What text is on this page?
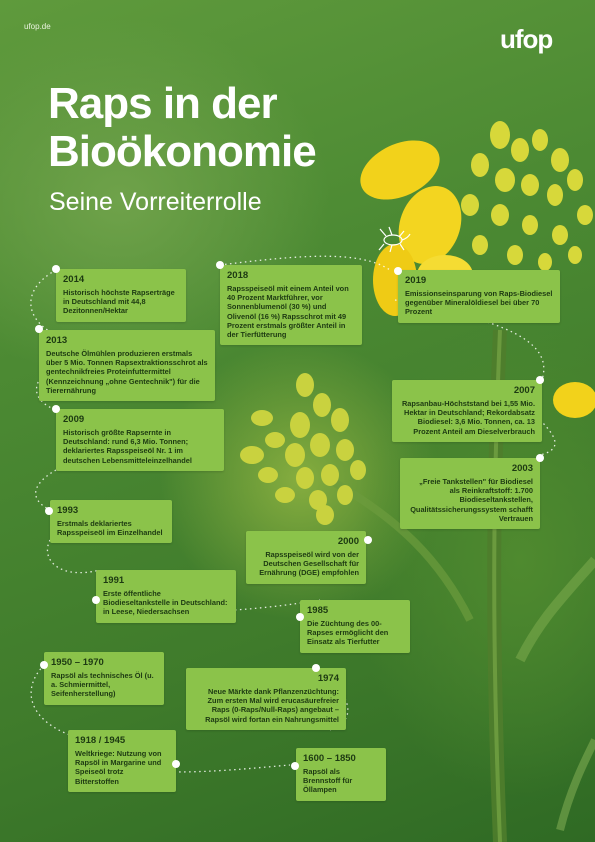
ufop.de	ufop
Raps in der
Bioökonomie
Seine Vorreiterrolle
2014
Historisch höchste Rapserträge in Deutschland mit 44,8 Dezitonnen/Hektar
2018
Rapsspeiseöl mit einem Anteil von 40 Prozent Marktführer, vor Sonnenblumenöl (30 %) und Olivenöl (16 %) Rapsschrot mit 49 Prozent erstmals größter Anteil in der Tierfütterung
2019
Emissionseinsparung von Raps-Biodiesel gegenüber Mineralöldiesel bei über 70 Prozent
2013
Deutsche Ölmühlen produzieren erstmals über 5 Mio. Tonnen Rapsextraktionsschrot als gentechnikfreies Proteinfuttermittel (Kennzeichnung „ohne Gentechnik") für die Tierernährung	2007
Rapsanbau-Höchststand bei 1,55 Mio. Hektar in Deutschland; Rekordabsatz Biodiesel: 3,6 Mio. Tonnen, ca. 13 Prozent Anteil am Dieselverbrauch
2009
Historisch größte Rapsernte in Deutschland: rund 6,3 Mio. Tonnen; deklariertes Rapsspeiseöl Nr. 1 im deutschen Lebensmitteleinzelhandel
2003
„Freie Tankstellen" für Biodiesel als Reinkraftstoff: 1.700 Biodieseltankstellen, Qualitätssicherungssystem schafft Vertrauen
1993
Erstmals deklariertes Rapsspeiseöl im Einzelhandel
2000
Rapsspeiseöl wird von der Deutschen Gesellschaft für Ernährung (DGE) empfohlen
1991
Erste öffentliche Biodieseltankstelle in Deutschland: in Leese, Niedersachsen	1985
Die Züchtung des 00-Rapses ermöglicht den Einsatz als Tierfutter
1950 – 1970
Rapsöl als technisches Öl (u. a. Schmiermittel, Seifenherstellung)
1974
Neue Märkte dank Pflanzenzüchtung: Zum ersten Mal wird erucasäurefreier Raps (0-Raps/Null-Raps) angebaut – Rapsöl wird fortan ein Nahrungsmittel
1918 / 1945
Weltkriege: Nutzung von Rapsöl in Margarine und Speiseöl trotz Bitterstoffen
1600 – 1850
Rapsöl als Brennstoff für Öllampen
